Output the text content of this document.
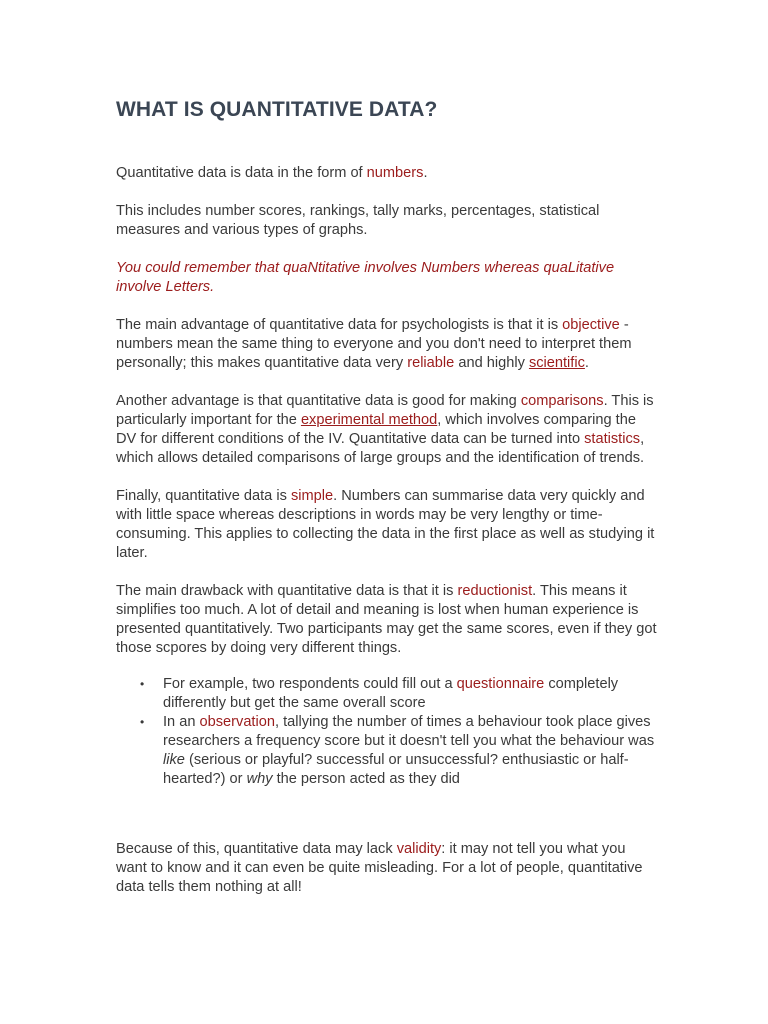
WHAT IS QUANTITATIVE DATA?

Quantitative data is data in the form of numbers.

This includes number scores, rankings, tally marks, percentages, statistical measures and various types of graphs.

You could remember that quaNtitative involves Numbers whereas quaLitative involve Letters.

The main advantage of quantitative data for psychologists is that it is objective - numbers mean the same thing to everyone and you don't need to interpret them personally; this makes quantitative data very reliable and highly scientific.

Another advantage is that quantitative data is good for making comparisons. This is particularly important for the experimental method, which involves comparing the DV for different conditions of the IV. Quantitative data can be turned into statistics, which allows detailed comparisons of large groups and the identification of trends.

Finally, quantitative data is simple. Numbers can summarise data very quickly and with little space whereas descriptions in words may be very lengthy or time-consuming. This applies to collecting the data in the first place as well as studying it later.

The main drawback with quantitative data is that it is reductionist. This means it simplifies too much. A lot of detail and meaning is lost when human experience is presented quantitatively. Two participants may get the same scores, even if they got those scpores by doing very different things.

• For example, two respondents could fill out a questionnaire completely differently but get the same overall score
• In an observation, tallying the number of times a behaviour took place gives researchers a frequency score but it doesn't tell you what the behaviour was like (serious or playful? successful or unsuccessful? enthusiastic or half-hearted?) or why the person acted as they did

Because of this, quantitative data may lack validity: it may not tell you what you want to know and it can even be quite misleading. For a lot of people, quantitative data tells them nothing at all!
